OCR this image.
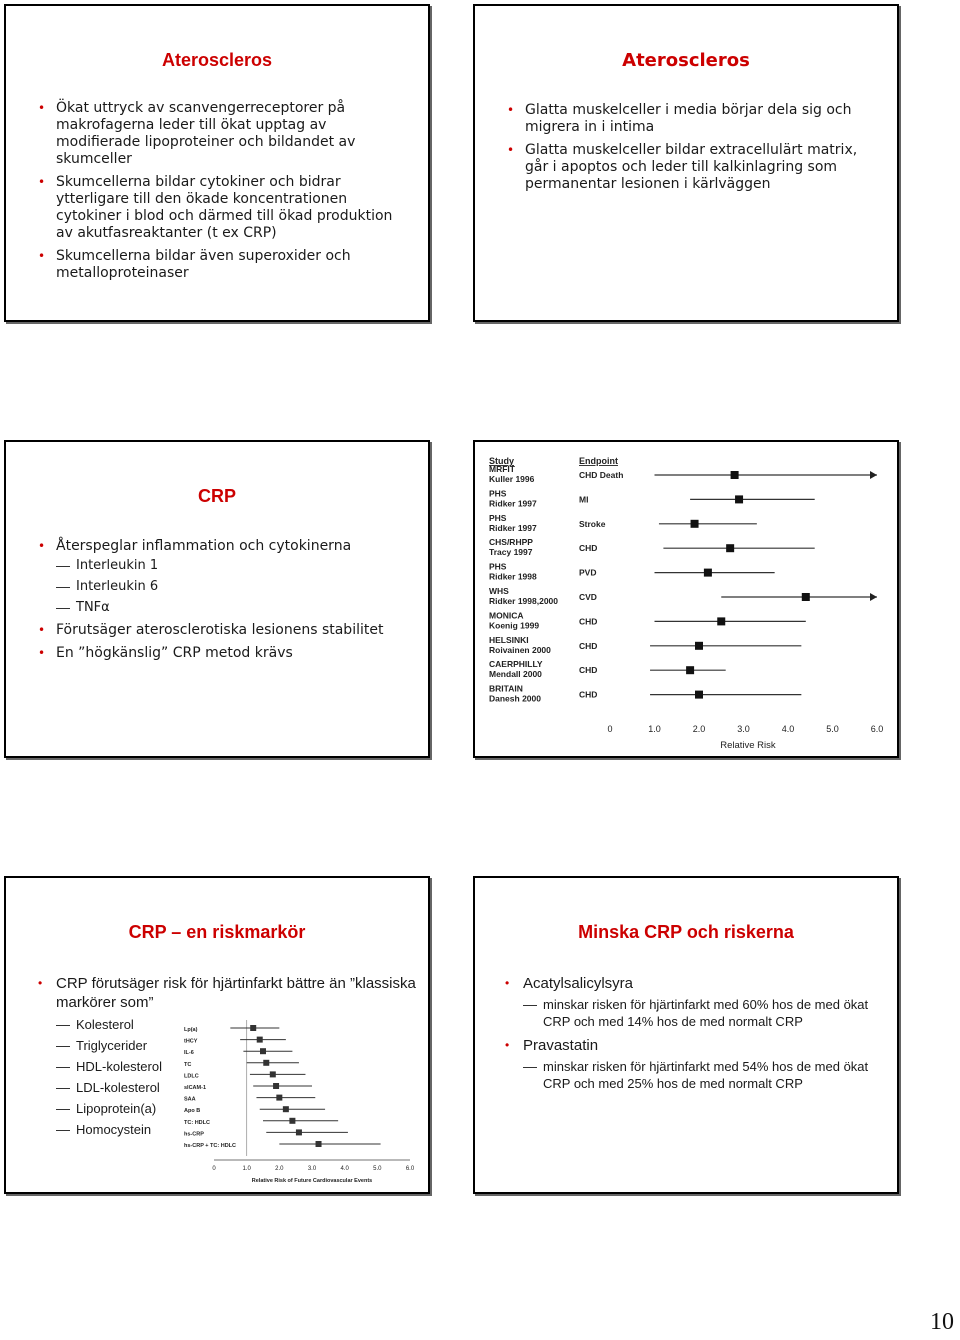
Ateroscleros
• Ökat uttryck av scanvengerreceptorer på makrofagerna leder till ökat upptag av modifierade lipoproteiner och bildandet av skumceller
• Skumcellerna bildar cytokiner och bidrar ytterligare till den ökade koncentrationen cytokiner i blod och därmed till ökad produktion av akutfasreaktanter (t ex CRP)
• Skumcellerna bildar även superoxider och metalloproteinaser
Ateroscleros
• Glatta muskelceller i media börjar dela sig och migrera in i intima
• Glatta muskelceller bildar extracellulärt matrix, går i apoptos och leder till kalkinlagring som permanentar lesionen i kärlväggen
CRP
• Återspeglar inflammation och cytokinerna
Interleukin 1
Interleukin 6
TNFα
• Förutsäger aterosclerotiska lesionens stabilitet
• En ”högkänslig” CRP metod krävs
Study	Endpoint
MRFIT
Kuller 1996	CHD Death
PHS
Ridker 1997	MI
PHS
Ridker 1997	Stroke
CHS/RHPP
Tracy 1997	CHD
PHS
Ridker 1998	PVD
WHS
Ridker 1998,2000 CVD
MONICA
Koenig 1999	CHD
HELSINKI
Roivainen 2000	CHD
CAERPHILLY
Mendall 2000	CHD
BRITAIN
Danesh 2000	CHD
0	1.0	2.0	3.0	4.0	5.0	6.0
Relative Risk
CRP – en riskmarkör
• CRP förutsäger risk för hjärtinfarkt bättre än ”klassiska markörer som”
Kolesterol
Triglycerider
HDL-kolesterol
LDL-kolesterol
Lipoprotein(a)
Homocystein
Lp(a)
tHCY
IL-6
TC
LDLC
sICAM-1
SAA
Apo B
TC: HDLC
hs-CRP
hs-CRP + TC: HDLC
0	1.0	2.0	3.0	4.0	5.0	6.0
Relative Risk of Future Cardiovascular Events
Minska CRP och riskerna
• Acatylsalicylsyra
minskar risken för hjärtinfarkt med 60% hos de med ökat CRP och med 14% hos de med normalt CRP
• Pravastatin
minskar risken för hjärtinfarkt med 54% hos de med ökat CRP och med 25% hos de med normalt CRP
10
